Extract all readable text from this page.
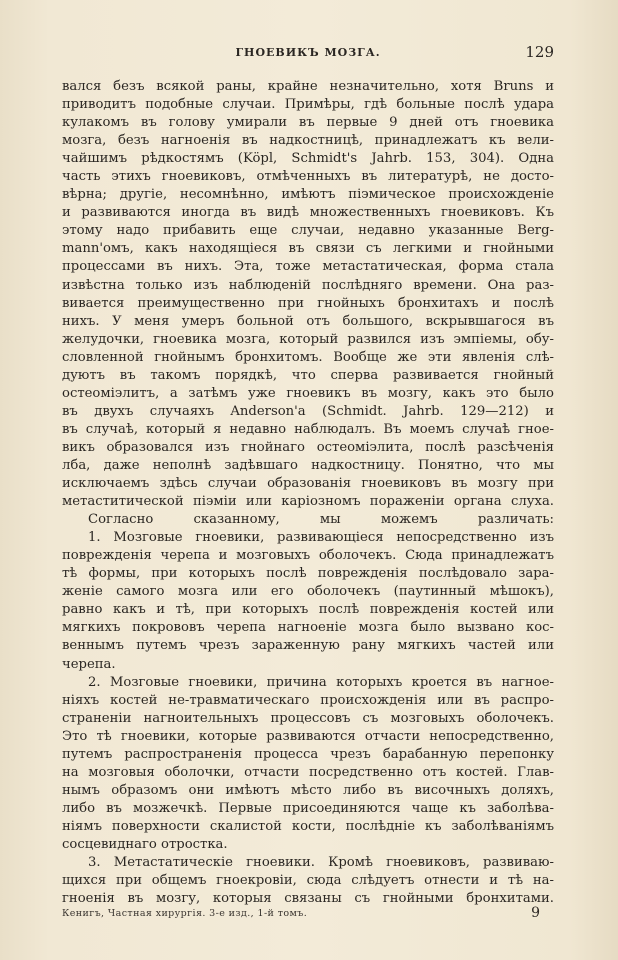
ГНОЕВИКЪ МОЗГА.	129
вался безъ всякой раны, крайне незначительно, хотя Bruns и
приводитъ подобные случаи. Примѣры, гдѣ больные послѣ удара
кулакомъ въ голову умирали въ первые 9 дней отъ гноевика
мозга, безъ нагноенія въ надкостницѣ, принадлежатъ къ вели-
чайшимъ рѣдкостямъ (Köpl, Schmidt's Jahrb. 153, 304). Одна
часть этихъ гноевиковъ, отмѣченныхъ въ литературѣ, не досто-
вѣрна; другіе, несомнѣнно, имѣютъ пiэмическое происхожденіе
и развиваются иногда въ видѣ множественныхъ гноевиковъ. Къ
этому надо прибавить еще случаи, недавно указанные Berg-
mann'омъ, какъ находящіеся въ связи съ легкими и гнойными
процессами въ нихъ. Эта, тоже метастатическая, форма стала
извѣстна только изъ наблюденій послѣдняго времени. Она раз-
вивается преимущественно при гнойныхъ бронхитахъ и послѣ
нихъ. У меня умеръ больной отъ большого, вскрывшагося въ
желудочки, гноевика мозга, который развился изъ эмпiемы, обу-
словленной гнойнымъ бронхитомъ. Вообще же эти явленія слѣ-
дуютъ въ такомъ порядкѣ, что сперва развивается гнойный
остеоміэлитъ, а затѣмъ уже гноевикъ въ мозгу, какъ это было
въ двухъ случаяхъ Anderson'a (Schmidt. Jahrb. 129—212) и
въ случаѣ, который я недавно наблюдалъ. Въ моемъ случаѣ гное-
викъ образовался изъ гнойнаго остеоміэлита, послѣ разсѣченія
лба, даже неполнѣ задѣвшаго надкостницу. Понятно, что мы
исключаемъ здѣсь случаи образованія гноевиковъ въ мозгу при
метаститической пiэміи или каріозномъ пораженіи органа слуха.
Согласно сказанному, мы можемъ различать:
1. Мозговые гноевики, развивающіеся непосредственно изъ
поврежденія черепа и мозговыхъ оболочекъ. Сюда принадлежатъ
тѣ формы, при которыхъ послѣ поврежденія послѣдовало зара-
женіе самого мозга или его оболочекъ (паутинный мѣшокъ),
равно какъ и тѣ, при которыхъ послѣ поврежденія костей или
мягкихъ покрововъ черепа нагноеніе мозга было вызвано кос-
веннымъ путемъ чрезъ зараженную рану мягкихъ частей или
черепа.
2. Мозговые гноевики, причина которыхъ кроется въ нагное-
ніяхъ костей не-травматическаго происхожденія или въ распро-
страненіи нагноительныхъ процессовъ съ мозговыхъ оболочекъ.
Это тѣ гноевики, которые развиваются отчасти непосредственно,
путемъ распространенія процесса чрезъ барабанную перепонку
на мозговыя оболочки, отчасти посредственно отъ костей. Глав-
нымъ образомъ они имѣютъ мѣсто либо въ височныхъ доляхъ,
либо въ мозжечкѣ. Первые присоединяются чаще къ заболѣва-
ніямъ поверхности скалистой кости, послѣдніе къ заболѣваніямъ
сосцевиднаго отростка.
3. Метастатическіе гноевики. Кромѣ гноевиковъ, развиваю-
щихся при общемъ гноекровіи, сюда слѣдуетъ отнести и тѣ на-
гноенія въ мозгу, которыя связаны съ гнойными бронхитами.
Кенигъ, Частная хирургія. 3-е изд., 1-й томъ.	9
